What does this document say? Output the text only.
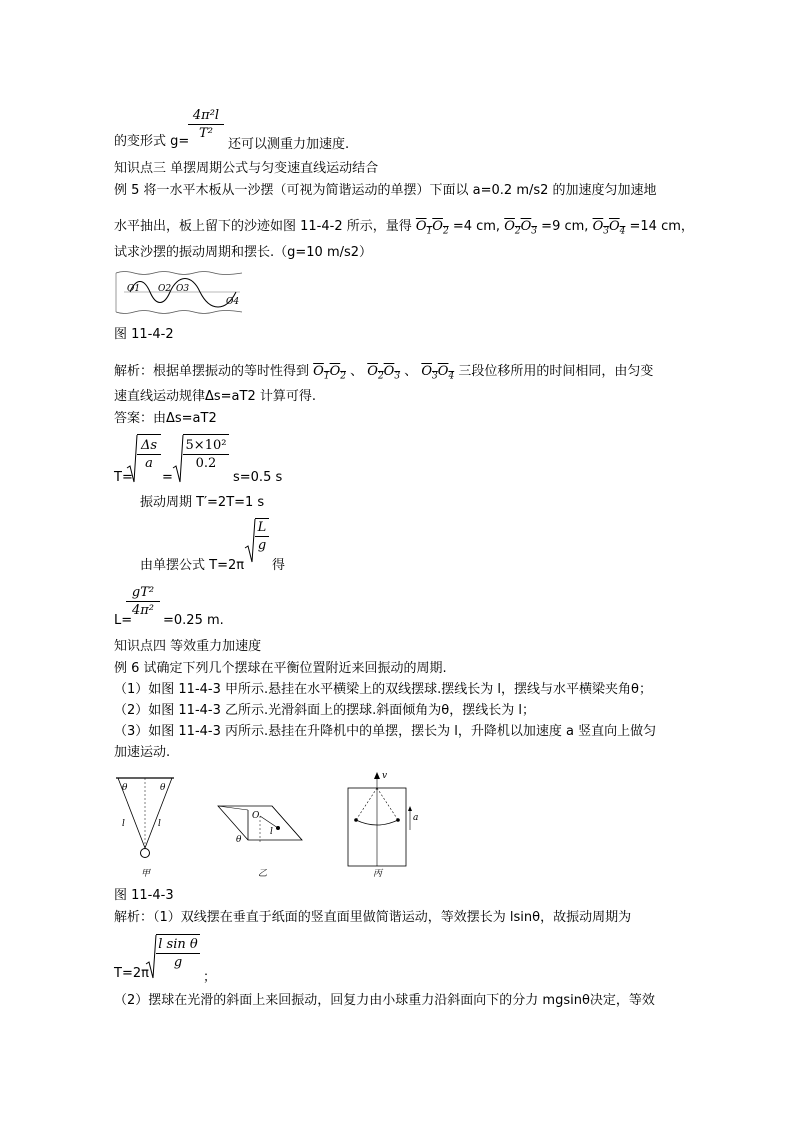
的变形式 g=
4π²l
T²
还可以测重力加速度.
知识点三 单摆周期公式与匀变速直线运动结合
例 5 将一水平木板从一沙摆（可视为简谐运动的单摆）下面以 a=0.2 m/s2 的加速度匀加速地
水平抽出，板上留下的沙迹如图 11-4-2 所示，量得 $O_1O_2 =4$ cm, $O_2O_3 =9$ cm, $O_3O_4 =14$ cm，
试求沙摆的振动周期和摆长.（g=10 m/s2）
O1 O2 O3
O4
图 11-4-2
解析：根据单摆振动的等时性得到 $O_1O_2$ 、 $O_2O_3$ 、 $O_3O_4$ 三段位移所用的时间相同，由匀变
速直线运动规律Δs=aT2 计算可得.
答案：由Δs=aT2
T=
Δs
a
=
5×10²
0.2
s=0.5 s
振动周期 T′=2T=1 s
由单摆公式 T=2π
L
g
得
L=
gT²
4π²
=0.25 m.
知识点四 等效重力加速度
例 6 试确定下列几个摆球在平衡位置附近来回振动的周期.
（1）如图 11-4-3 甲所示.悬挂在水平横梁上的双线摆球.摆线长为 l，摆线与水平横梁夹角θ；
（2）如图 11-4-3 乙所示.光滑斜面上的摆球.斜面倾角为θ，摆线长为 l；
（3）如图 11-4-3 丙所示.悬挂在升降机中的单摆，摆长为 l，升降机以加速度 a 竖直向上做匀
加速运动.
θ	θ
l	l
甲
O
θ
l
乙
v
a
丙
图 11-4-3
解析：（1）双线摆在垂直于纸面的竖直面里做简谐运动，等效摆长为 lsinθ，故振动周期为
T=2π
l sin θ
g
；
（2）摆球在光滑的斜面上来回振动，回复力由小球重力沿斜面向下的分力 mgsinθ决定，等效
